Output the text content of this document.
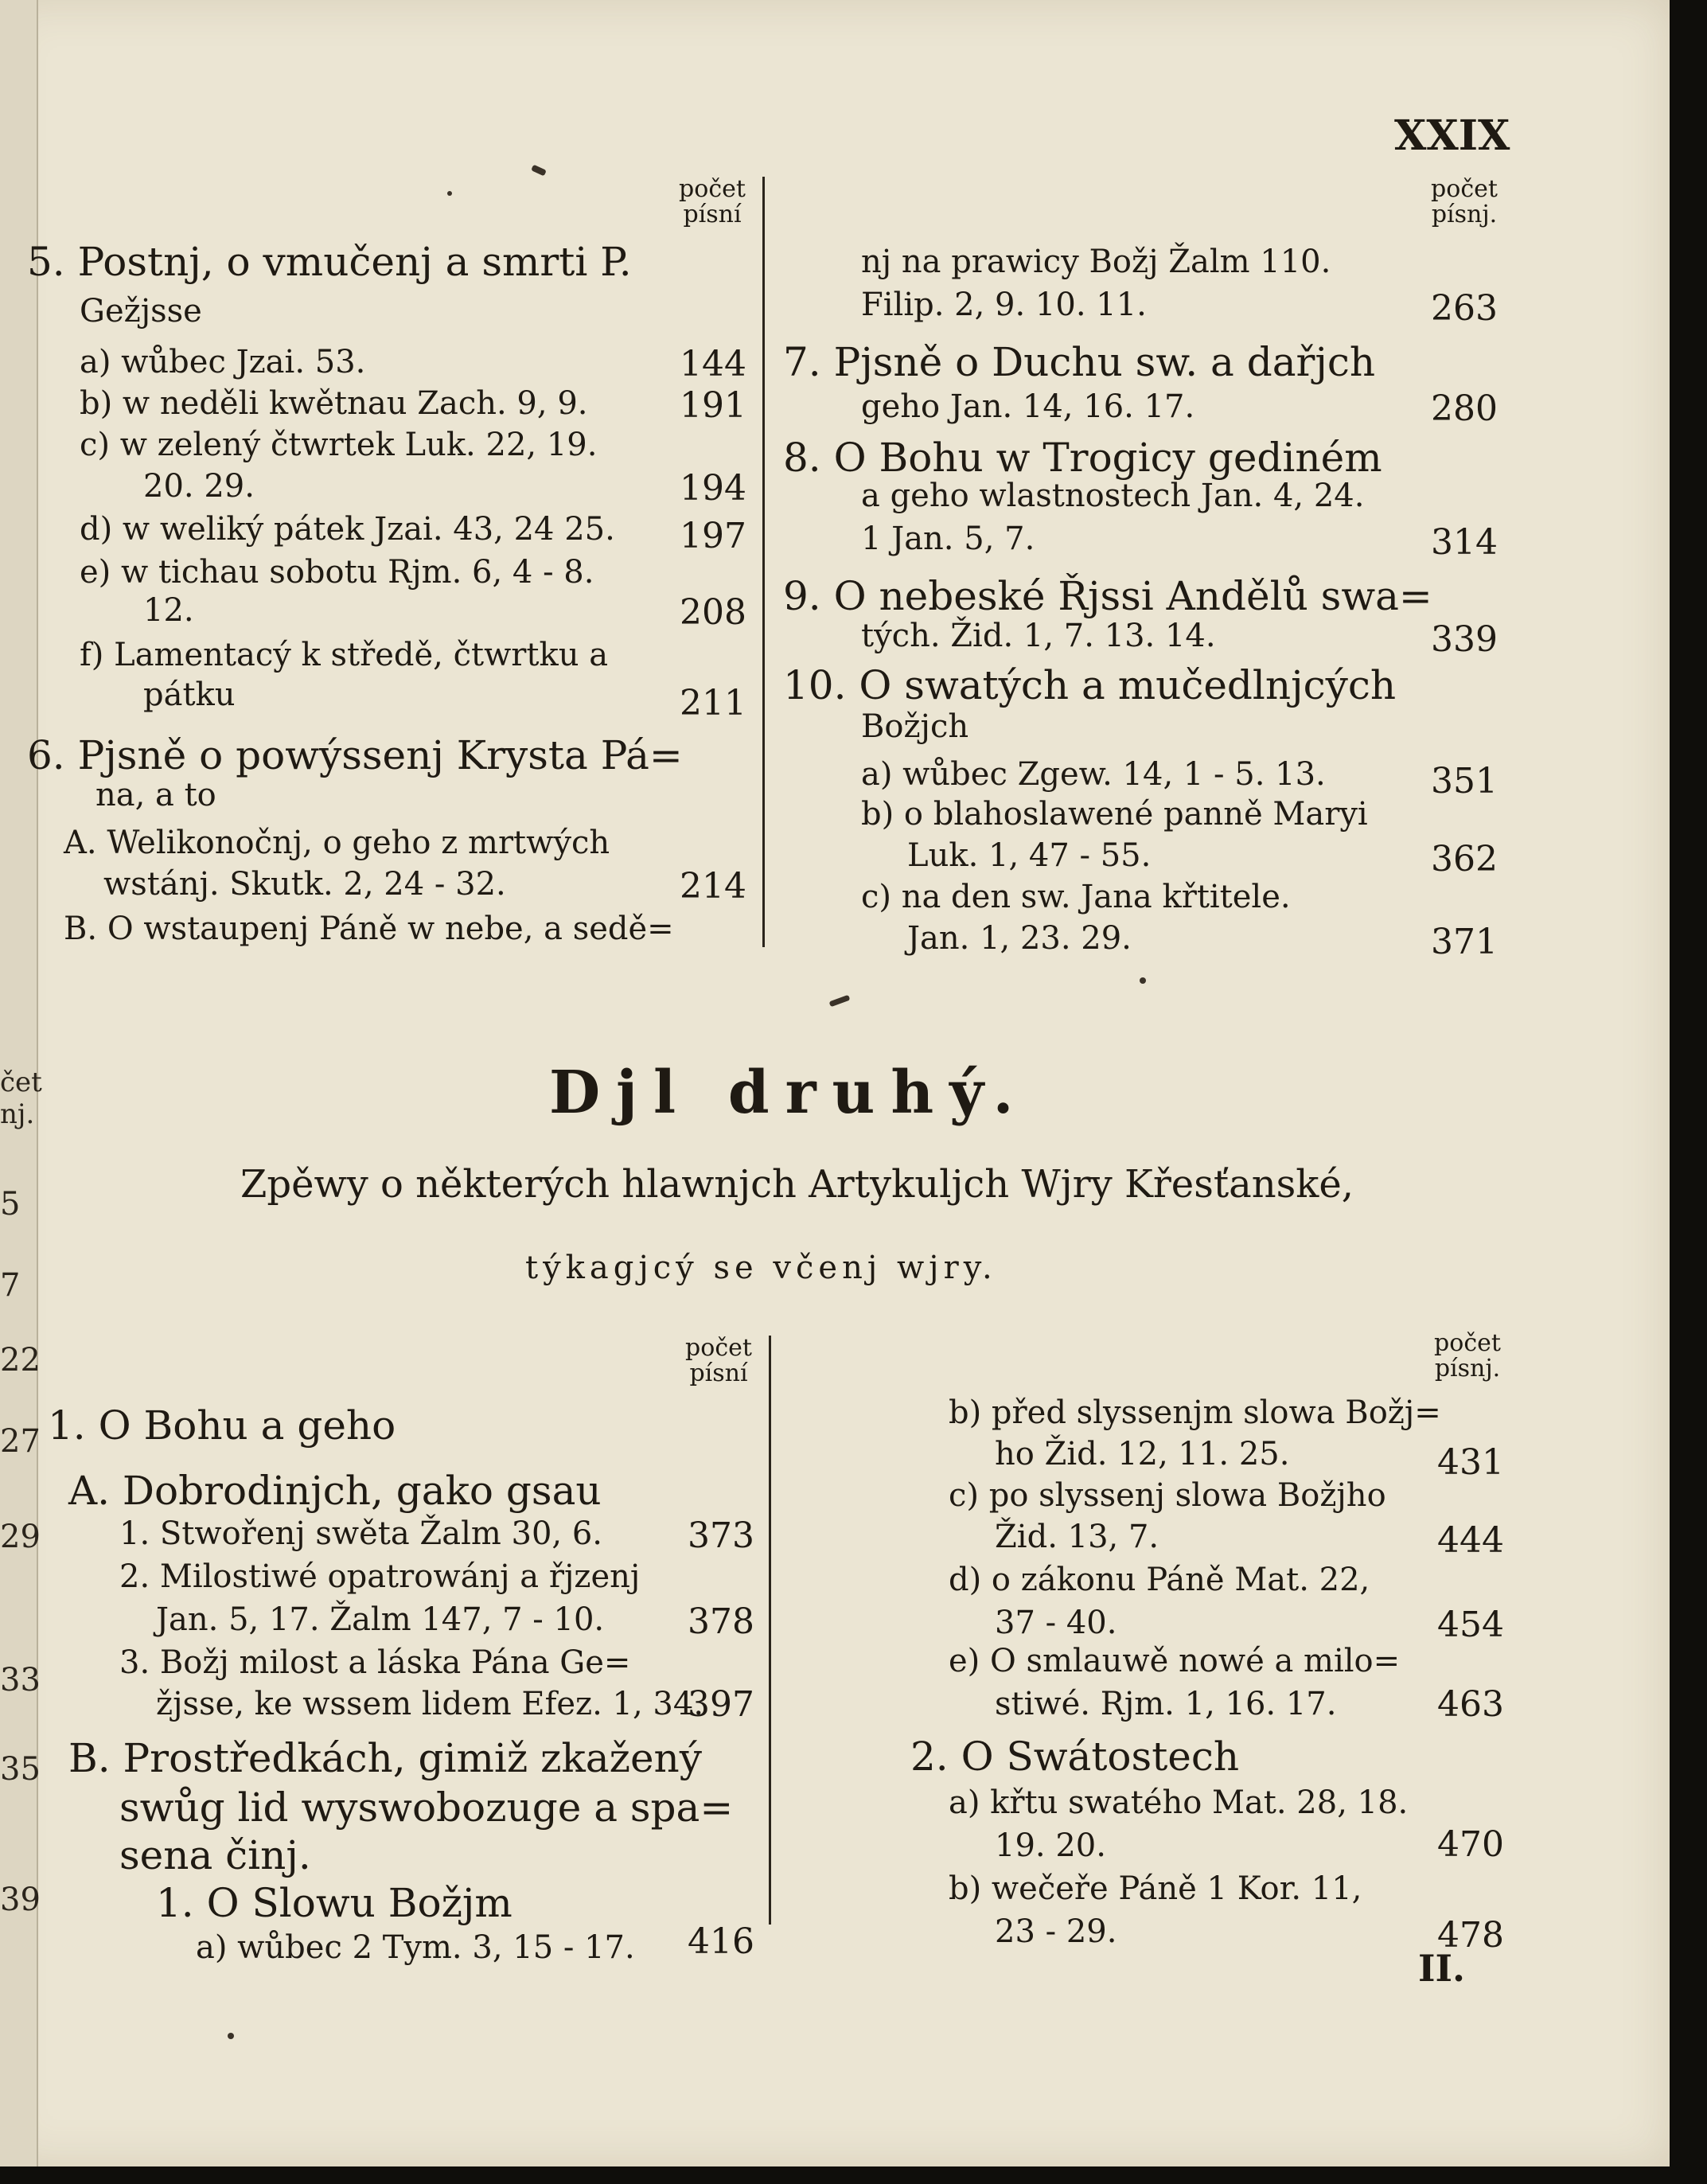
čet nj.
5
7
22
27
29
33
35
39
XXIX
počet písní
5. Postnj, o vmučenj a smrti P.
Gežjsse
a) wůbec Jzai. 53.	144
b) w neděli kwětnau Zach. 9, 9.	191
c) w zelený čtwrtek Luk. 22, 19.
20. 29.	194
d) w weliký pátek Jzai. 43, 24 25.	197
e) w tichau sobotu Rjm. 6, 4 - 8.
12.	208
f) Lamentacý k středě, čtwrtku a
pátku	211
6. Pjsně o powýssenj Krysta Pá=
na, a to
A. Welikonočnj, o geho z mrtwých
wstánj. Skutk. 2, 24 - 32.	214
B. O wstaupenj Páně w nebe, a sedě=
počet písnj.
nj na prawicy Božj Žalm 110.
Filip. 2, 9. 10. 11.	263
7. Pjsně o Duchu sw. a dařjch
geho Jan. 14, 16. 17.	280
8. O Bohu w Trogicy gediném
a geho wlastnostech Jan. 4, 24.
1 Jan. 5, 7.	314
9. O nebeské Řjssi Andělů swa=
tých. Žid. 1, 7. 13. 14.	339
10. O swatých a mučedlnjcých
Božjch
a) wůbec Zgew. 14, 1 - 5. 13.	351
b) o blahoslawené panně Maryi
Luk. 1, 47 - 55.	362
c) na den sw. Jana křtitele.
Jan. 1, 23. 29.	371
Djl druhý.
Zpěwy o některých hlawnjch Artykuljch Wjry Křesťanské,
týkagjcý se včenj wjry.
počet písní
1. O Bohu a geho
A. Dobrodinjch, gako gsau
1. Stwořenj swěta Žalm 30, 6.	373
2. Milostiwé opatrowánj a řjzenj
Jan. 5, 17. Žalm 147, 7 - 10.	378
3. Božj milost a láska Pána Ge=
žjsse, ke wssem lidem Efez. 1, 34.
397
B. Prostředkách, gimiž zkažený
swůg lid wyswobozuge a spa=
sena činj.
1. O Slowu Božjm
a) wůbec 2 Tym. 3, 15 - 17.	416
počet písnj.
b) před slyssenjm slowa Božj=
ho Žid. 12, 11. 25.	431
c) po slyssenj slowa Božjho
Žid. 13, 7.	444
d) o zákonu Páně Mat. 22,
37 - 40.	454
e) O smlauwě nowé a milo=
stiwé. Rjm. 1, 16. 17.	463
2. O Swátostech
a) křtu swatého Mat. 28, 18.
19. 20.	470
b) wečeře Páně 1 Kor. 11,
23 - 29.	478
II.
